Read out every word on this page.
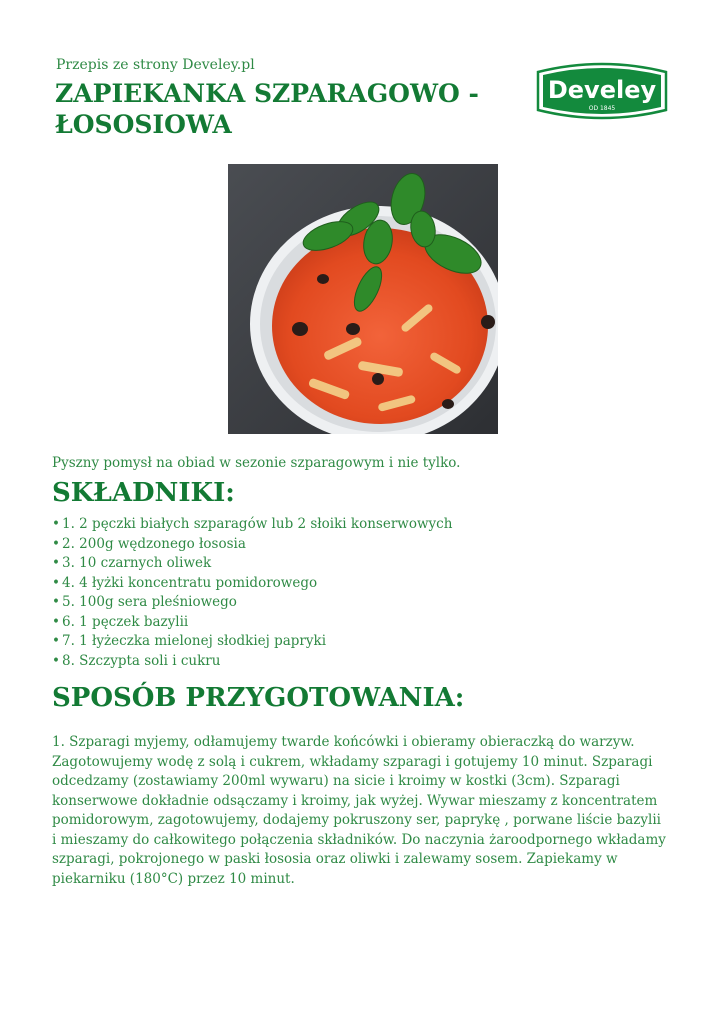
Przepis ze strony Develey.pl
ZAPIEKANKA SZPARAGOWO - ŁOSOSIOWA
Develey
OD 1845
Pyszny pomysł na obiad w sezonie szparagowym i nie tylko.
SKŁADNIKI:
• 1. 2 pęczki białych szparagów lub 2 słoiki konserwowych
• 2. 200g wędzonego łososia
• 3. 10 czarnych oliwek
• 4. 4 łyżki koncentratu pomidorowego
• 5. 100g sera pleśniowego
• 6. 1 pęczek bazylii
• 7. 1 łyżeczka mielonej słodkiej papryki
• 8. Szczypta soli i cukru
SPOSÓB PRZYGOTOWANIA:

1. Szparagi myjemy, odłamujemy twarde końcówki i obieramy obieraczką do warzyw. Zagotowujemy wodę z solą i cukrem, wkładamy szparagi i gotujemy 10 minut. Szparagi odcedzamy (zostawiamy 200ml wywaru) na sicie i kroimy w kostki (3cm). Szparagi konserwowe dokładnie odsączamy i kroimy, jak wyżej. Wywar mieszamy z koncentratem pomidorowym, zagotowujemy, dodajemy pokruszony ser, paprykę , porwane liście bazylii i mieszamy do całkowitego połączenia składników. Do naczynia żaroodpornego wkładamy szparagi, pokrojonego w paski łososia oraz oliwki i zalewamy sosem. Zapiekamy w piekarniku (180°C) przez 10 minut.
